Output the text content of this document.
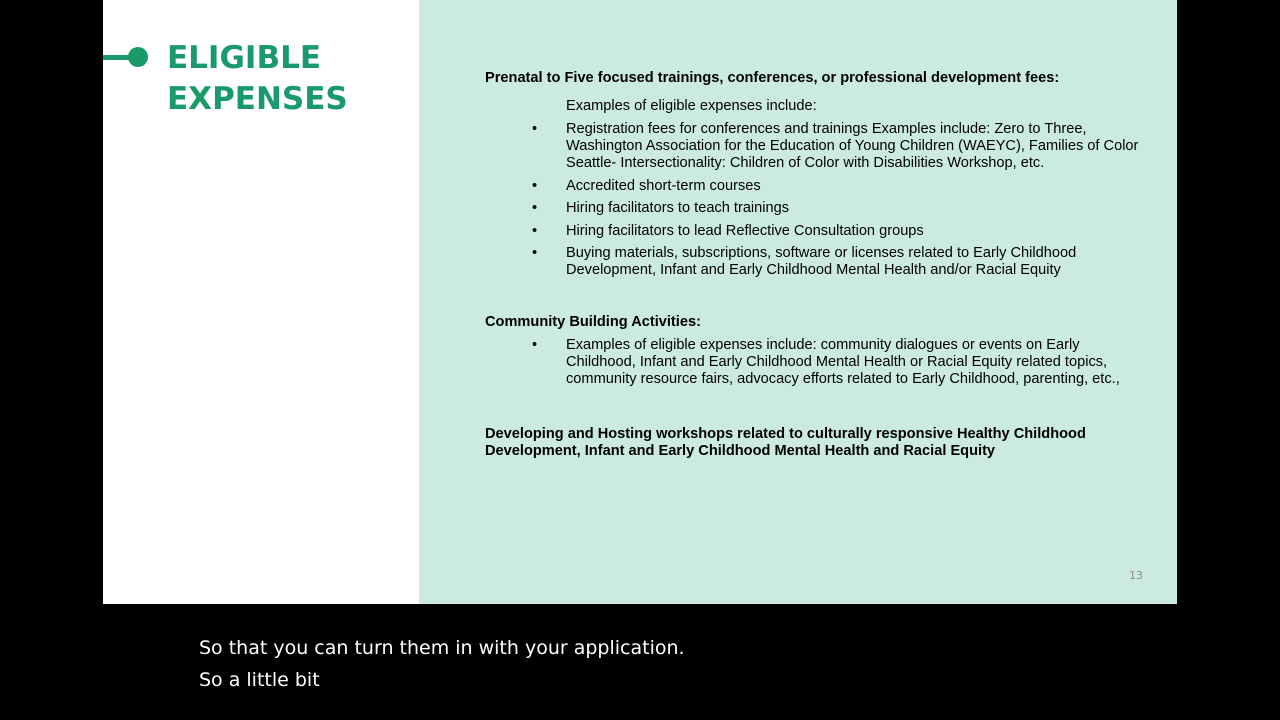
ELIGIBLE
EXPENSES

Prenatal to Five focused trainings, conferences, or professional development fees:

Examples of eligible expenses include:

• Registration fees for conferences and trainings Examples include: Zero to Three, Washington Association for the Education of Young Children (WAEYC), Families of Color Seattle- Intersectionality: Children of Color with Disabilities Workshop, etc.
• Accredited short-term courses
• Hiring facilitators to teach trainings
• Hiring facilitators to lead Reflective Consultation groups
• Buying materials, subscriptions, software or licenses related to Early Childhood Development, Infant and Early Childhood Mental Health and/or Racial Equity

Community Building Activities:

• Examples of eligible expenses include: community dialogues or events on Early Childhood, Infant and Early Childhood Mental Health or Racial Equity related topics, community resource fairs, advocacy efforts related to Early Childhood, parenting, etc.,

Developing and Hosting workshops related to culturally responsive Healthy Childhood Development, Infant and Early Childhood Mental Health and Racial Equity

13
So that you can turn them in with your application.
So a little bit
